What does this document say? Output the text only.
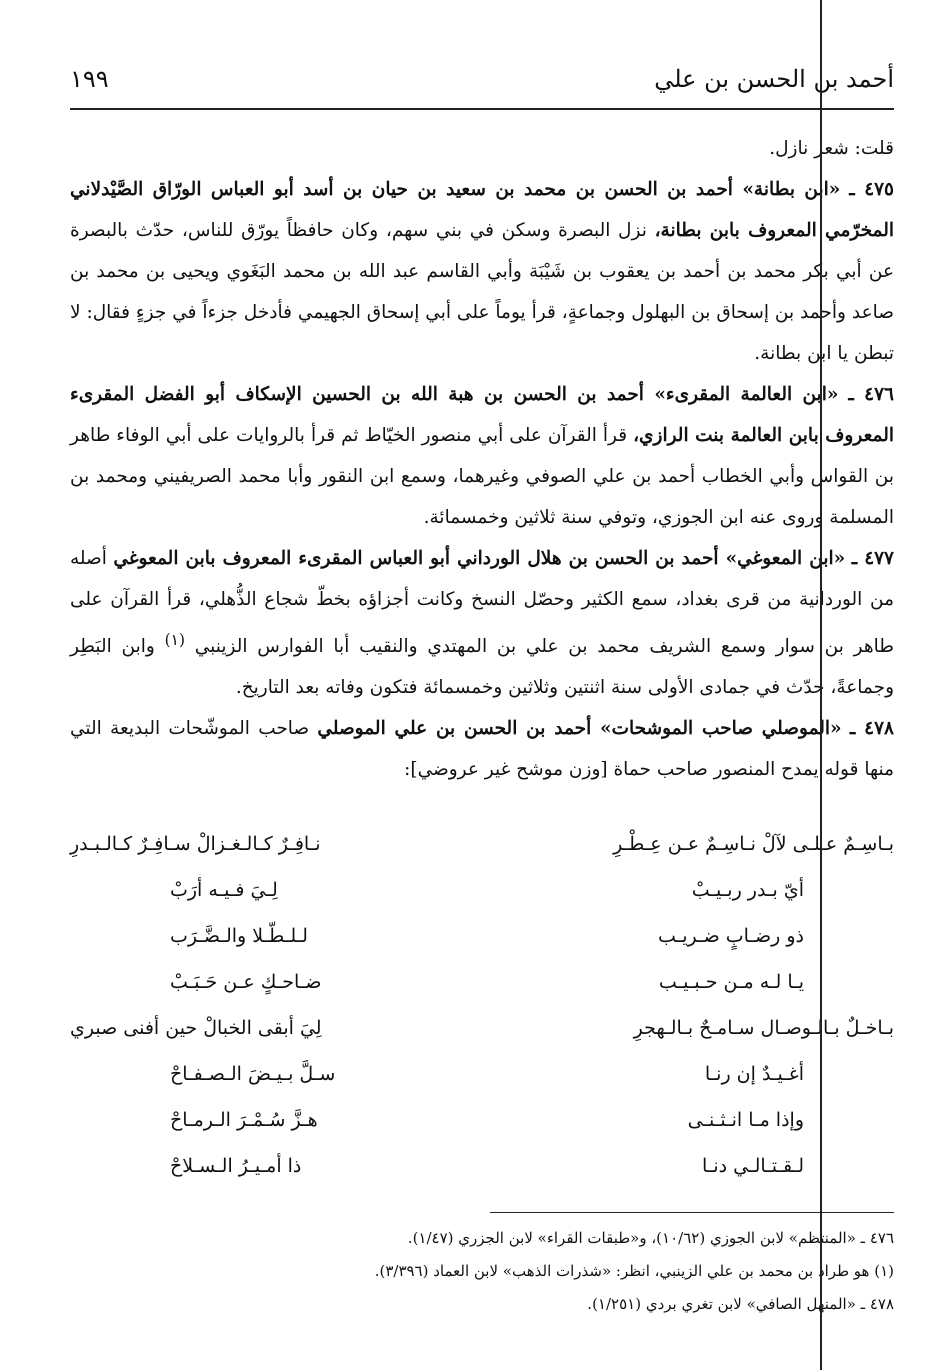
أحمد بن الحسن بن علي
١٩٩

قلت: شعر نازل.

٤٧٥ ـ «ابن بطانة» أحمد بن الحسن بن محمد بن سعيد بن حيان بن أسد أبو العباس الورّاق الصَّيْدلاني المخرّمي المعروف بابن بطانة، نزل البصرة وسكن في بني سهم، وكان حافظاً يورّق للناس، حدّث بالبصرة عن أبي بكر محمد بن أحمد بن يعقوب بن شَيْبَة وأبي القاسم عبد الله بن محمد البَغَوي ويحيى بن محمد بن صاعد وأحمد بن إسحاق بن البهلول وجماعةٍ، قرأ يوماً على أبي إسحاق الجهيمي فأدخل جزءاً في جزءٍ فقال: لا تبطن يا ابن بطانة.

٤٧٦ ـ «ابن العالمة المقرىء» أحمد بن الحسن بن هبة الله بن الحسين الإسكاف أبو الفضل المقرىء المعروف بابن العالمة بنت الرازي، قرأ القرآن على أبي منصور الخيّاط ثم قرأ بالروايات على أبي الوفاء طاهر بن القواس وأبي الخطاب أحمد بن علي الصوفي وغيرهما، وسمع ابن النقور وأبا محمد الصريفيني ومحمد بن المسلمة وروى عنه ابن الجوزي، وتوفي سنة ثلاثين وخمسمائة.

٤٧٧ ـ «ابن المعوغي» أحمد بن الحسن بن هلال الورداني أبو العباس المقرىء المعروف بابن المعوغي أصله من الوردانية من قرى بغداد، سمع الكثير وحصّل النسخ وكانت أجزاؤه بخطّ شجاع الذُّهلي، قرأ القرآن على طاهر بن سوار وسمع الشريف محمد بن علي بن المهتدي والنقيب أبا الفوارس الزينبي $^{(١)}$ وابن البَطِر وجماعةً، حدّث في جمادى الأولى سنة اثنتين وثلاثين وخمسمائة فتكون وفاته بعد التاريخ.

٤٧٨ ـ «الموصلي صاحب الموشحات» أحمد بن الحسن بن علي الموصلي صاحب الموشّحات البديعة التي منها قوله يمدح المنصور صاحب حماة [وزن موشح غير عروضي]:

بـاسِـمٌ عـلـى لآلْ نـاسِـمٌ عـن عِـطْـرِ
نـافِـرٌ كـالـغـزالْ سـافِـرٌ كـالـبـدرِ
أيّ بـدر ربـيـبْ
لِـيَ فـيـه أرَبْ
ذو رضـابٍ ضـريـب
لـلـطّـلا والـضَّـرَب
يـا لـه مـن حـبـيـب
ضـاحـكٍ عـن حَـبَـبْ
بـاخـلٌ بـالـوصـال سـامـحٌ بـالـهجرِ
لِيَ أبقى الخبالْ حين أفنى صبري
أغـيـدٌ إن رنـا
سـلَّ بـيـضَ الـصـفـاحْ
وإذا مـا انـثـنـى
هـزَّ سُـمْـرَ الـرمـاحْ
لـقـتـالـي دنـا
ذا أمـيـرُ الـسـلاحْ

٤٧٦ ـ «المنتظم» لابن الجوزي (١٠/٦٢)، و«طبقات القراء» لابن الجزري (١/٤٧).

(١) هو طراد بن محمد بن علي الزينبي، انظر: «شذرات الذهب» لابن العماد (٣/٣٩٦).

٤٧٨ ـ «المنهل الصافي» لابن تغري بردي (١/٢٥١).
